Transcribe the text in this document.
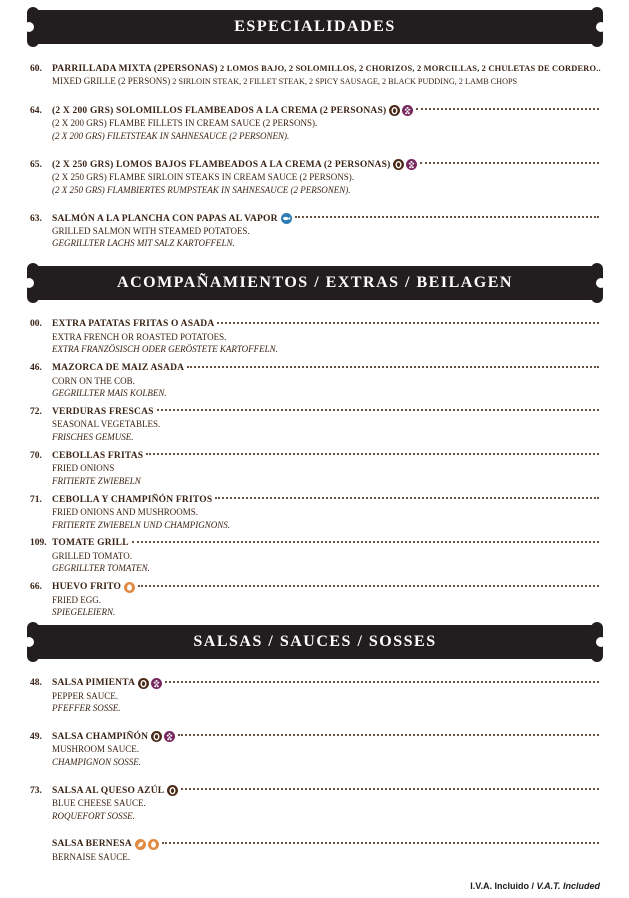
ESPECIALIDADES
60.	PARRILLADA MIXTA (2PERSONAS) 2 LOMOS BAJO, 2 SOLOMILLOS, 2 CHORIZOS, 2 MORCILLAS, 2 CHULETAS DE CORDERO..
MIXED GRILLE (2 PERSONS) 2 SIRLOIN STEAK, 2 FILLET STEAK, 2 SPICY SAUSAGE, 2 BLACK PUDDING, 2 LAMB CHOPS
64.	(2 X 200 GRS) SOLOMILLOS FLAMBEADOS A LA CREMA (2 PERSONAS)
(2 X 200 GRS) FLAMBE FILLETS IN CREAM SAUCE (2 PERSONS).
(2 X 200 GRS) FILETSTEAK IN SAHNESAUCE (2 PERSONEN).
65.	(2 X 250 GRS) LOMOS BAJOS FLAMBEADOS A LA CREMA (2 PERSONAS)
(2 X 250 GRS) FLAMBE SIRLOIN STEAKS IN CREAM SAUCE (2 PERSONS).
(2 X 250 GRS) FLAMBIERTES RUMPSTEAK IN SAHNESAUCE (2 PERSONEN).
63.	SALMÓN A LA PLANCHA CON PAPAS AL VAPOR
GRILLED SALMON WITH STEAMED POTATOES.
GEGRILLTER LACHS MIT SALZ KARTOFFELN.
ACOMPAÑAMIENTOS / EXTRAS / BEILAGEN
00.	EXTRA PATATAS FRITAS O ASADA
EXTRA FRENCH OR ROASTED POTATOES.
EXTRA FRANZÖSISCH ODER GERÖSTETE KARTOFFELN.
46.	MAZORCA DE MAIZ ASADA
CORN ON THE COB.
GEGRILLTER MAIS KOLBEN.
72.	VERDURAS FRESCAS
SEASONAL VEGETABLES.
FRISCHES GEMUSE.
70.	CEBOLLAS FRITAS
FRIED ONIONS
FRITIERTE ZWIEBELN
71.	CEBOLLA Y CHAMPIÑÓN FRITOS
FRIED ONIONS AND MUSHROOMS.
FRITIERTE ZWIEBELN UND CHAMPIGNONS.
109. TOMATE GRILL
GRILLED TOMATO.
GEGRILLTER TOMATEN.
66.	HUEVO FRITO
FRIED EGG.
SPIEGELEIERN.
SALSAS / SAUCES / SOSSES
48.	SALSA PIMIENTA
PEPPER SAUCE.
PFEFFER SOSSE.
49.	SALSA CHAMPIÑÓN
MUSHROOM SAUCE.
CHAMPIGNON SOSSE.
73.	SALSA AL QUESO AZÚL
BLUE CHEESE SAUCE.
ROQUEFORT SOSSE.
SALSA BERNESA
BERNAISE SAUCE.
I.V.A. Incluido / V.A.T. Included
